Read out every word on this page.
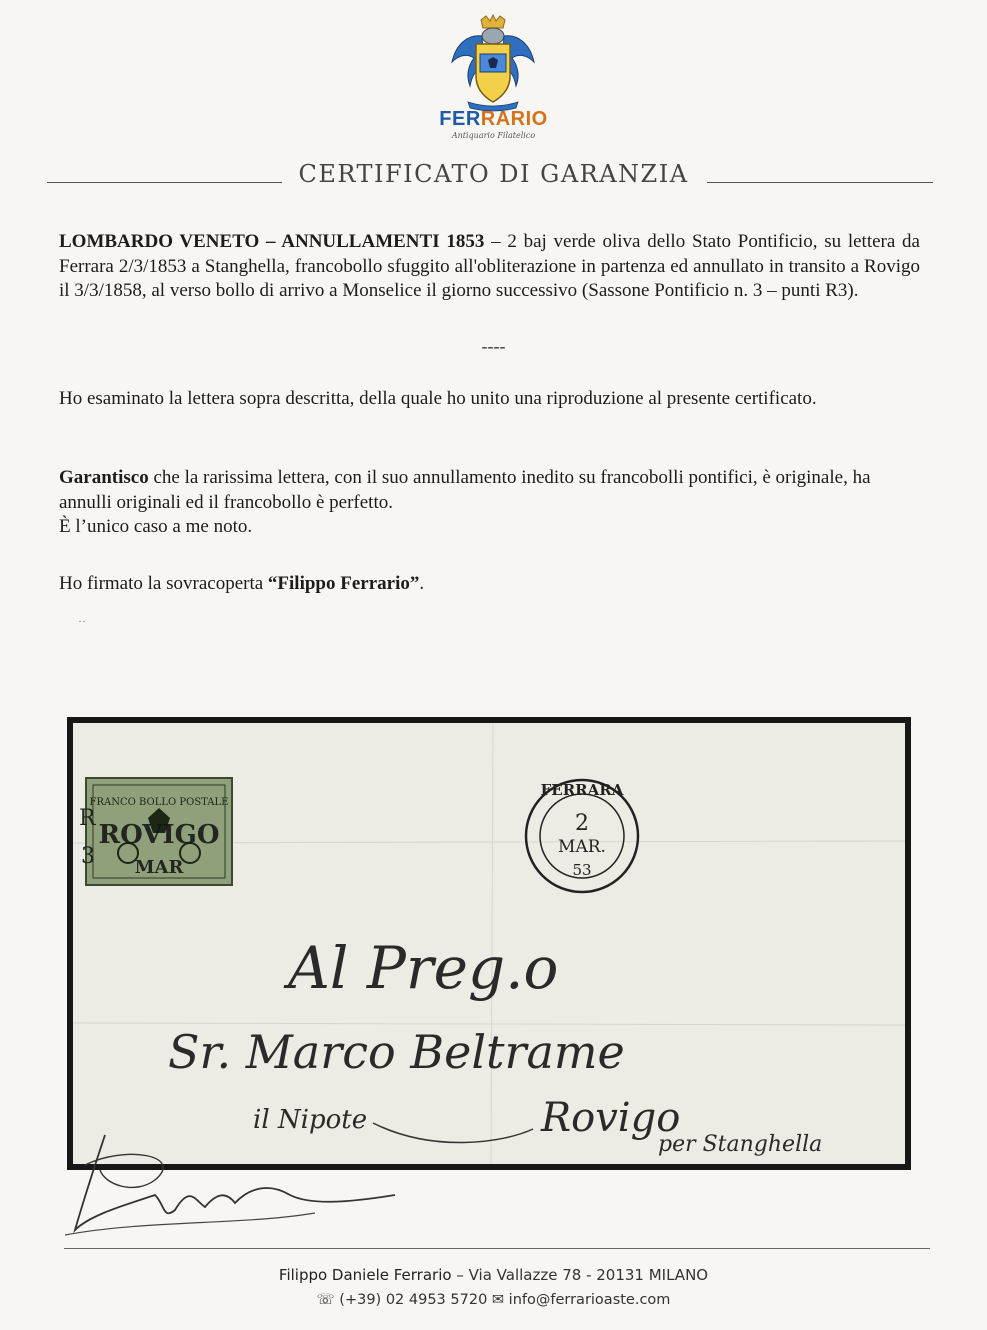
FERRARIO
Antiquario Filatelico
CERTIFICATO DI GARANZIA
LOMBARDO VENETO – ANNULLAMENTI 1853 – 2 baj verde oliva dello Stato Pontificio, su lettera da Ferrara 2/3/1853 a Stanghella, francobollo sfuggito all'obliterazione in partenza ed annullato in transito a Rovigo il 3/3/1858, al verso bollo di arrivo a Monselice il giorno successivo (Sassone Pontificio n. 3 – punti R3).
----
Ho esaminato la lettera sopra descritta, della quale ho unito una riproduzione al presente certificato.
Garantisco che la rarissima lettera, con il suo annullamento inedito su francobolli pontifici, è originale, ha annulli originali ed il francobollo è perfetto.
È l’unico caso a me noto.
Ho firmato la sovracoperta “Filippo Ferrario”.
··
FRANCO BOLLO POSTALE
ROVIGO
MAR
R
3
FERRARA
2
MAR.
53
Al Preg.o
Sr. Marco Beltrame
il Nipote	Rovigo
per Stanghella
Filippo Daniele Ferrario – Via Vallazze 78 - 20131 MILANO
☏ (+39) 02 4953 5720 ✉ info@ferrarioaste.com
